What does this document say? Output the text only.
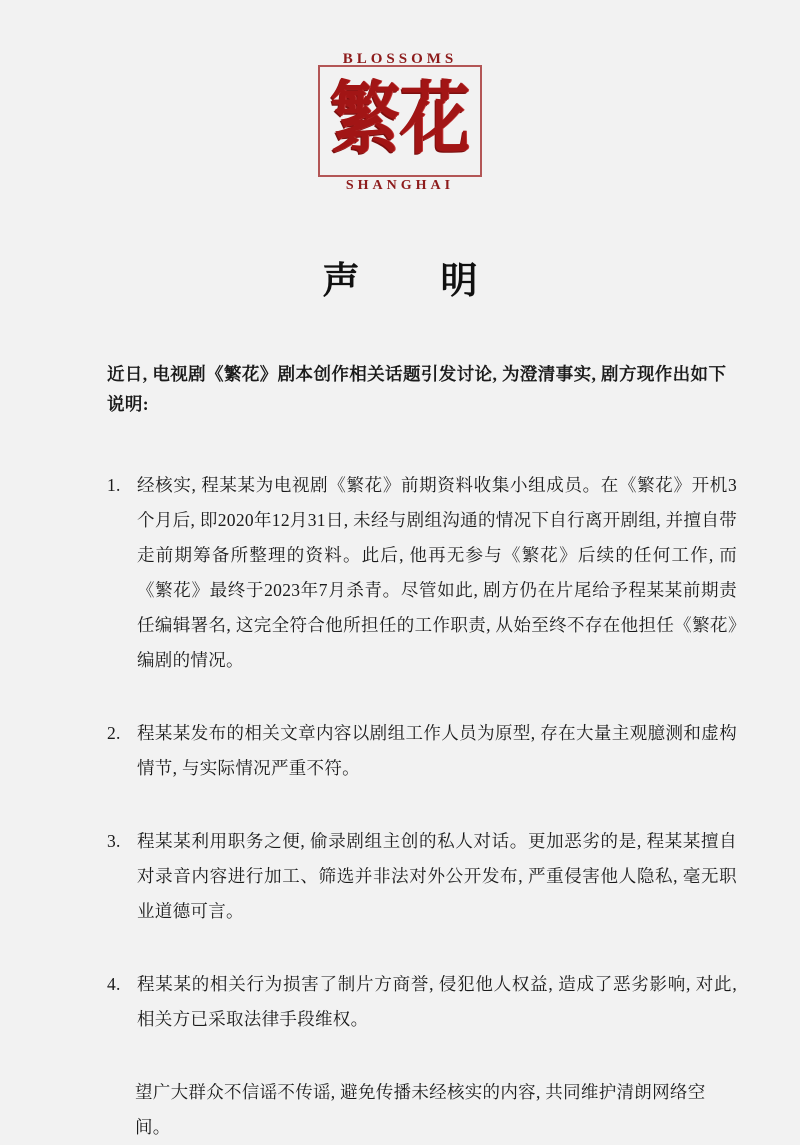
BLOSSOMS
繁花
SHANGHAI
声　明

近日, 电视剧《繁花》剧本创作相关话题引发讨论, 为澄清事实, 剧方现作出如下说明:

1. 经核实, 程某某为电视剧《繁花》前期资料收集小组成员。在《繁花》开机3个月后, 即2020年12月31日, 未经与剧组沟通的情况下自行离开剧组, 并擅自带走前期筹备所整理的资料。此后, 他再无参与《繁花》后续的任何工作, 而《繁花》最终于2023年7月杀青。尽管如此, 剧方仍在片尾给予程某某前期责任编辑署名, 这完全符合他所担任的工作职责, 从始至终不存在他担任《繁花》编剧的情况。
2. 程某某发布的相关文章内容以剧组工作人员为原型, 存在大量主观臆测和虚构情节, 与实际情况严重不符。
3. 程某某利用职务之便, 偷录剧组主创的私人对话。更加恶劣的是, 程某某擅自对录音内容进行加工、筛选并非法对外公开发布, 严重侵害他人隐私, 毫无职业道德可言。
4. 程某某的相关行为损害了制片方商誉, 侵犯他人权益, 造成了恶劣影响, 对此, 相关方已采取法律手段维权。

望广大群众不信谣不传谣, 避免传播未经核实的内容, 共同维护清朗网络空间。
